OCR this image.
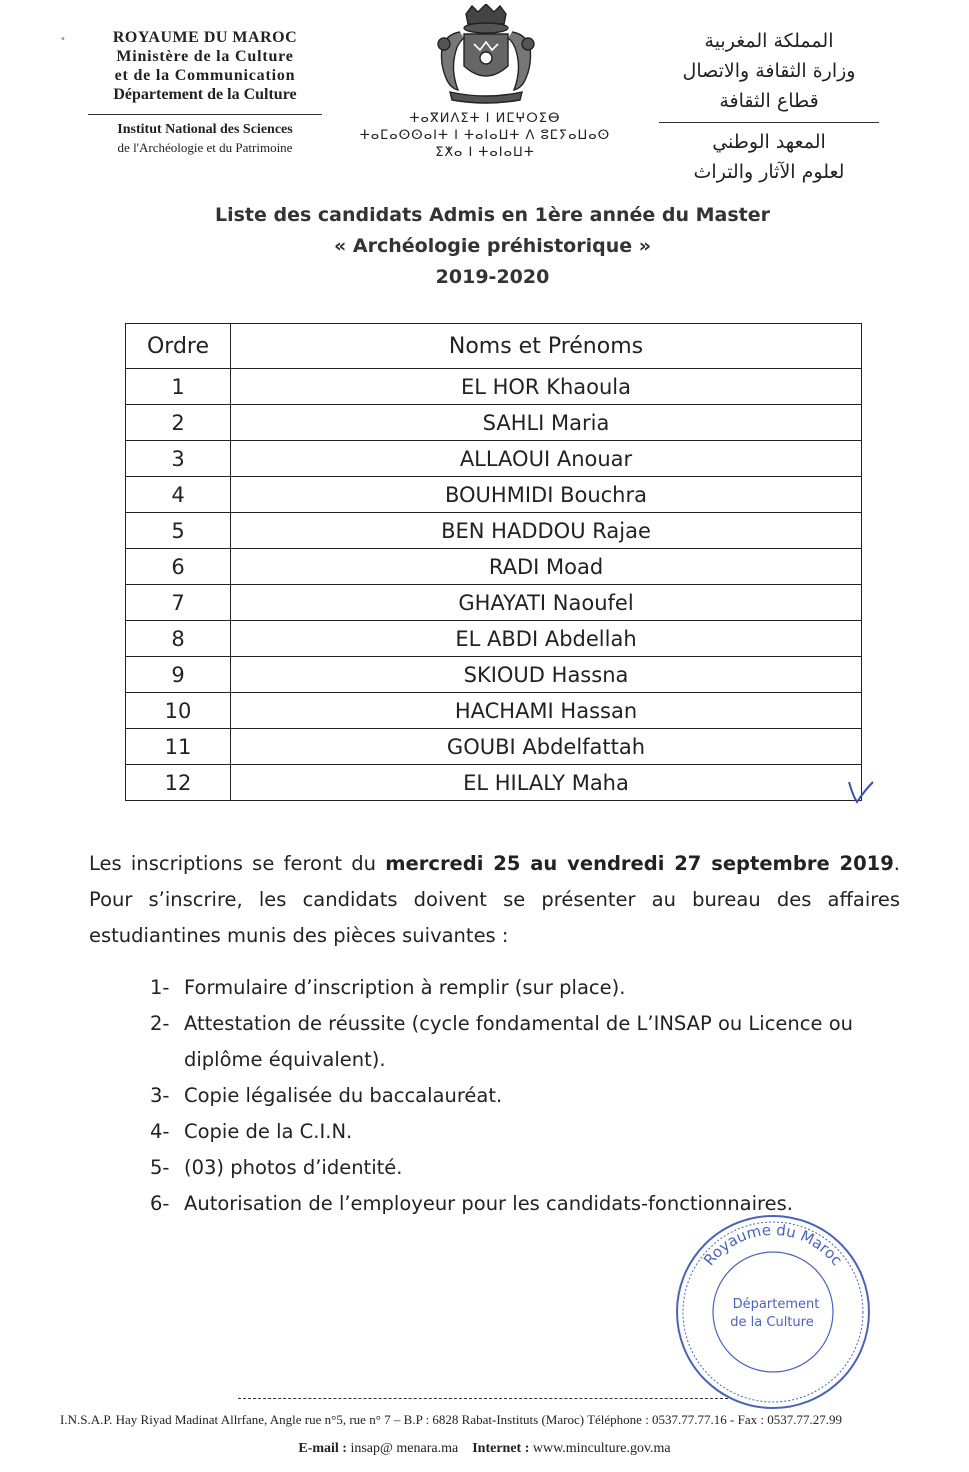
•	ROYAUME DU MAROC
Ministère de la Culture
et de la Communication
Département de la Culture
Institut National des Sciences
de l'Archéologie et du Patrimoine
ⵜⴰⴳⵍⴷⵉⵜ ⵏ ⵍⵎⵖⵔⵉⴱ
ⵜⴰⵎⴰⵙⵙⴰⵏⵜ ⵏ ⵜⴰⵏⴰⵡⵜ ⴷ ⵓⵎⵢⴰⵡⴰⵙ
ⵉⵅⴰ ⵏ ⵜⴰⵏⴰⵡⵜ
المملكة المغربية
وزارة الثقافة والاتصال
قطاع الثقافة
المعهد الوطني
لعلوم الآثار والتراث
Liste des candidats Admis en 1ère année du Master
« Archéologie préhistorique »
2019-2020
Ordre	Noms et Prénoms
1	EL HOR Khaoula
2	SAHLI Maria
3	ALLAOUI Anouar
4	BOUHMIDI Bouchra
5	BEN HADDOU Rajae
6	RADI Moad
7	GHAYATI Naoufel
8	EL ABDI Abdellah
9	SKIOUD Hassna
10	HACHAMI Hassan
11	GOUBI Abdelfattah
12	EL HILALY Maha
Les inscriptions se feront du mercredi 25 au vendredi 27 septembre 2019. Pour s’inscrire, les candidats doivent se présenter au bureau des affaires estudiantines munis des pièces suivantes :
1- Formulaire d’inscription à remplir (sur place).
2- Attestation de réussite (cycle fondamental de L’INSAP ou Licence ou diplôme équivalent).
3- Copie légalisée du baccalauréat.
4- Copie de la C.I.N.
5- (03) photos d’identité.
6- Autorisation de l’employeur pour les candidats-fonctionnaires.
Royaume du Maroc
Département
de la Culture
I.N.S.A.P. Hay Riyad Madinat Allrfane, Angle rue n°5, rue n° 7 – B.P : 6828 Rabat-Instituts (Maroc) Téléphone : 0537.77.77.16 - Fax : 0537.77.27.99
E-mail : insap@ menara.ma Internet : www.minculture.gov.ma
